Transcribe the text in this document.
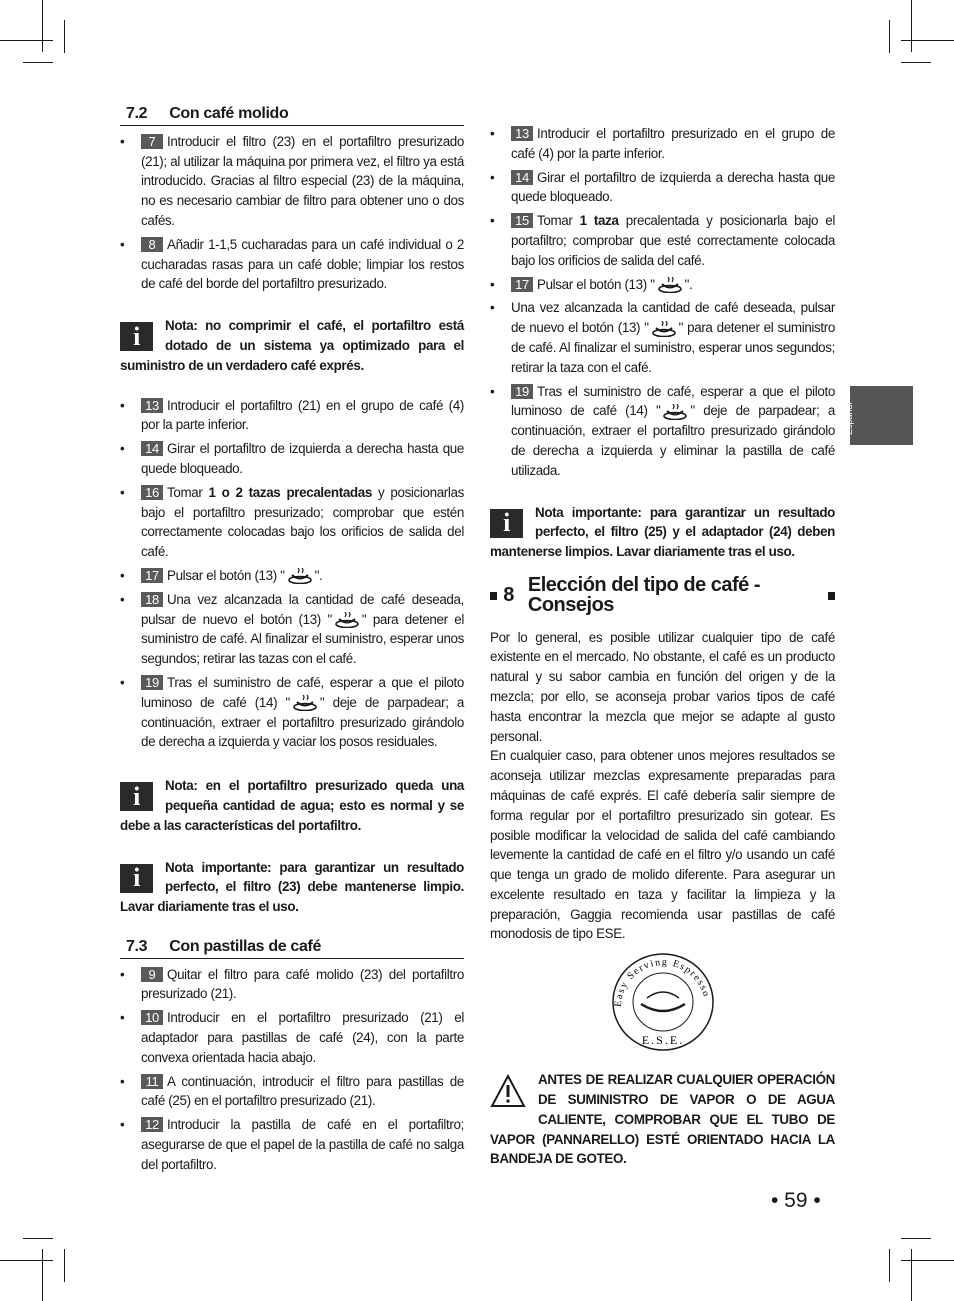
7.2 Con café molido
• 7 Introducir el filtro (23) en el portafiltro presurizado (21); al utilizar la máquina por primera vez, el filtro ya está introducido. Gracias al filtro especial (23) de la máquina, no es necesario cambiar de filtro para obtener uno o dos cafés.
• 8 Añadir 1-1,5 cucharadas para un café individual o 2 cucharadas rasas para un café doble; limpiar los restos de café del borde del portafiltro presurizado.
i	Nota: no comprimir el café, el portafiltro está dotado de un sistema ya optimizado para el suministro de un verdadero café exprés.
• 13 Introducir el portafiltro (21) en el grupo de café (4) por la parte inferior.
• 14 Girar el portafiltro de izquierda a derecha hasta que quede bloqueado.
• 16 Tomar 1 o 2 tazas precalentadas y posicionarlas bajo el portafiltro presurizado; comprobar que estén correctamente colocadas bajo los orificios de salida del café.
• 17 Pulsar el botón (13) " ".
• 18 Una vez alcanzada la cantidad de café deseada, pulsar de nuevo el botón (13) " " para detener el suministro de café. Al finalizar el suministro, esperar unos segundos; retirar las tazas con el café.
• 19 Tras el suministro de café, esperar a que el piloto luminoso de café (14) " " deje de parpadear; a continuación, extraer el portafiltro presurizado girándolo de derecha a izquierda y vaciar los posos residuales.
i	Nota: en el portafiltro presurizado queda una pequeña cantidad de agua; esto es normal y se debe a las características del portafiltro.
i	Nota importante: para garantizar un resultado perfecto, el filtro (23) debe mantenerse limpio. Lavar diariamente tras el uso.
7.3 Con pastillas de café
• 9 Quitar el filtro para café molido (23) del portafiltro presurizado (21).
• 10 Introducir en el portafiltro presurizado (21) el adaptador para pastillas de café (24), con la parte convexa orientada hacia abajo.
• 11 A continuación, introducir el filtro para pastillas de café (25) en el portafiltro presurizado (21).
• 12 Introducir la pastilla de café en el portafiltro; asegurarse de que el papel de la pastilla de café no salga del portafiltro.
• 13 Introducir el portafiltro presurizado en el grupo de café (4) por la parte inferior.
• 14 Girar el portafiltro de izquierda a derecha hasta que quede bloqueado.
• 15 Tomar 1 taza precalentada y posicionarla bajo el portafiltro; comprobar que esté correctamente colocada bajo los orificios de salida del café.
• 17 Pulsar el botón (13) " ".
• Una vez alcanzada la cantidad de café deseada, pulsar de nuevo el botón (13) " " para detener el suministro de café. Al finalizar el suministro, esperar unos segundos; retirar la taza con el café.
• 19 Tras el suministro de café, esperar a que el piloto luminoso de café (14) " " deje de parpadear; a continuación, extraer el portafiltro presurizado girándolo de derecha a izquierda y eliminar la pastilla de café utilizada.
i	Nota importante: para garantizar un resultado perfecto, el filtro (25) y el adaptador (24) deben mantenerse limpios. Lavar diariamente tras el uso.
8 Elección del tipo de café - Consejos
Por lo general, es posible utilizar cualquier tipo de café existente en el mercado. No obstante, el café es un producto natural y su sabor cambia en función del origen y de la mezcla; por ello, se aconseja probar varios tipos de café hasta encontrar la mezcla que mejor se adapte al gusto personal.
En cualquier caso, para obtener unos mejores resultados se aconseja utilizar mezclas expresamente preparadas para máquinas de café exprés. El café debería salir siempre de forma regular por el portafiltro presurizado sin gotear. Es posible modificar la velocidad de salida del café cambiando levemente la cantidad de café en el filtro y/o usando un café que tenga un grado de molido diferente. Para asegurar un excelente resultado en taza y facilitar la limpieza y la preparación, Gaggia recomienda usar pastillas de café monodosis de tipo ESE.
Easy Serving Espresso
E.S.E.
ANTES DE REALIZAR CUALQUIER OPERACIÓN DE SUMINISTRO DE VAPOR O DE AGUA CALIENTE, COMPROBAR QUE EL TUBO DE VAPOR (PANNARELLO) ESTÉ ORIENTADO HACIA LA BANDEJA DE GOTEO.
Español
• 59 •
